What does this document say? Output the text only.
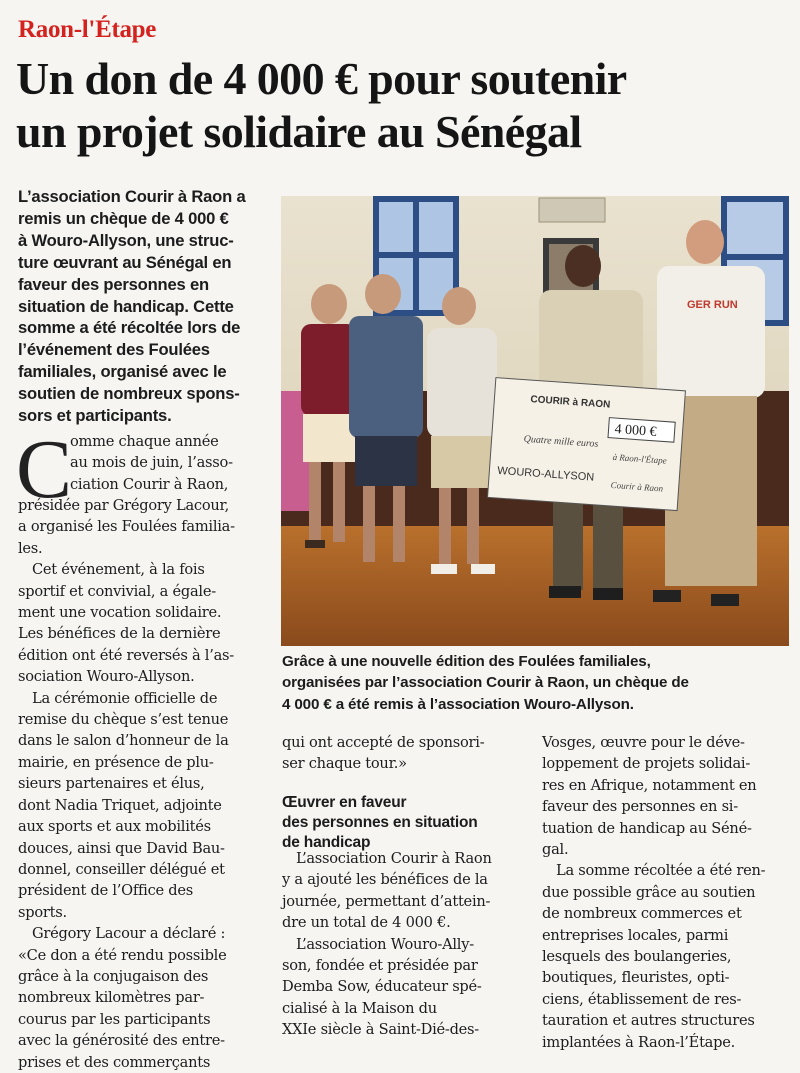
Raon-l'Étape
Un don de 4 000 € pour soutenir
un projet solidaire au Sénégal
L’association Courir à Raon a
remis un chèque de 4 000 €
à Wouro-Allyson, une struc-
ture œuvrant au Sénégal en
faveur des personnes en
situation de handicap. Cette
somme a été récoltée lors de
l’événement des Foulées
familiales, organisé avec le
soutien de nombreux spons-
sors et participants.
GER RUN
COURIR à RAON
4 000 €
Quatre mille euros
WOURO-ALLYSON
à Raon-l'Étape
Courir à Raon
Grâce à une nouvelle édition des Foulées familiales,
organisées par l’association Courir à Raon, un chèque de
4 000 € a été remis à l’association Wouro-Allyson.
C
omme chaque année
au mois de juin, l’asso-
ciation Courir à Raon,
présidée par Grégory Lacour,
a organisé les Foulées familia-
les.
Cet événement, à la fois
sportif et convivial, a égale-
ment une vocation solidaire.
Les bénéfices de la dernière
édition ont été reversés à l’as-
sociation Wouro-Allyson.
La cérémonie officielle de
remise du chèque s’est tenue
dans le salon d’honneur de la
mairie, en présence de plu-
sieurs partenaires et élus,
dont Nadia Triquet, adjointe
aux sports et aux mobilités
douces, ainsi que David Bau-
donnel, conseiller délégué et
président de l’Office des
sports.
Grégory Lacour a déclaré :
«Ce don a été rendu possible
grâce à la conjugaison des
nombreux kilomètres par-
courus par les participants
avec la générosité des entre-
prises et des commerçants
qui ont accepté de sponsori-
ser chaque tour.»
Œuvrer en faveur
des personnes en situation
de handicap
L’association Courir à Raon
y a ajouté les bénéfices de la
journée, permettant d’attein-
dre un total de 4 000 €.
L’association Wouro-Ally-
son, fondée et présidée par
Demba Sow, éducateur spé-
cialisé à la Maison du
XXIe siècle à Saint-Dié-des-
Vosges, œuvre pour le déve-
loppement de projets solidai-
res en Afrique, notamment en
faveur des personnes en si-
tuation de handicap au Séné-
gal.
La somme récoltée a été ren-
due possible grâce au soutien
de nombreux commerces et
entreprises locales, parmi
lesquels des boulangeries,
boutiques, fleuristes, opti-
ciens, établissement de res-
tauration et autres structures
implantées à Raon-l’Étape.
